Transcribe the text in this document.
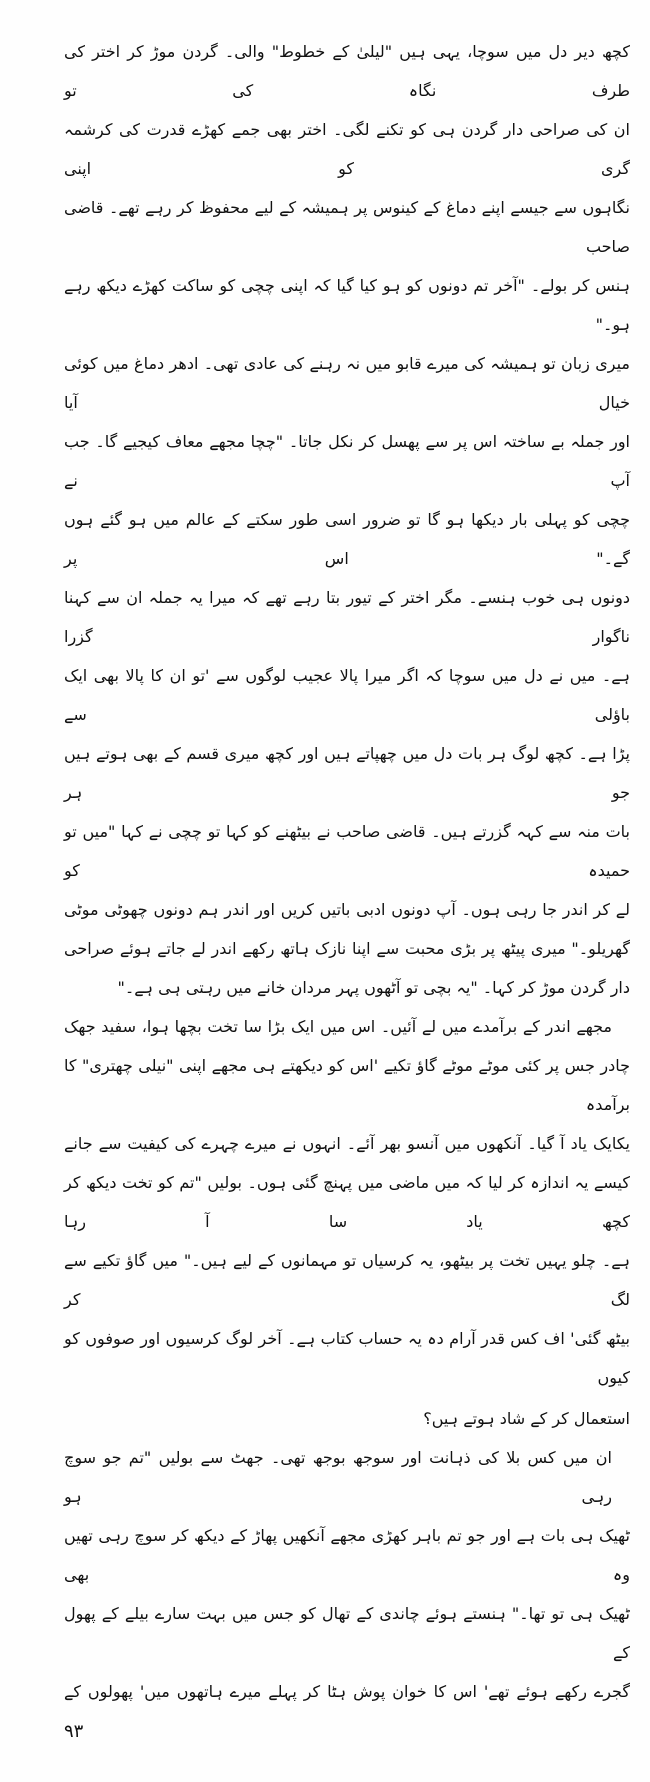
کچھ دیر دل میں سوچا، یہی ہیں "لیلیٰ کے خطوط" والی۔ گردن موڑ کر اختر کی طرف نگاہ کی تو
ان کی صراحی دار گردن ہی کو تکنے لگی۔ اختر بھی جمے کھڑے قدرت کی کرشمہ گری کو اپنی
نگاہوں سے جیسے اپنے دماغ کے کینوس پر ہمیشہ کے لیے محفوظ کر رہے تھے۔ قاضی صاحب
ہنس کر بولے۔ "آخر تم دونوں کو ہو کیا گیا کہ اپنی چچی کو ساکت کھڑے دیکھ رہے ہو۔"
میری زبان تو ہمیشہ کی میرے قابو میں نہ رہنے کی عادی تھی۔ ادھر دماغ میں کوئی خیال آیا
اور جملہ بے ساختہ اس پر سے پھسل کر نکل جاتا۔ "چچا مجھے معاف کیجیے گا۔ جب آپ نے
چچی کو پہلی بار دیکھا ہو گا تو ضرور اسی طور سکتے کے عالم میں ہو گئے ہوں گے۔" اس پر
دونوں ہی خوب ہنسے۔ مگر اختر کے تیور بتا رہے تھے کہ میرا یہ جملہ ان سے کہنا ناگوار گزرا
ہے۔ میں نے دل میں سوچا کہ اگر میرا پالا عجیب لوگوں سے 'تو ان کا پالا بھی ایک باؤلی سے
پڑا ہے۔ کچھ لوگ ہر بات دل میں چھپاتے ہیں اور کچھ میری قسم کے بھی ہوتے ہیں جو ہر
بات منہ سے کہہ گزرتے ہیں۔ قاضی صاحب نے بیٹھنے کو کہا تو چچی نے کہا "میں تو حمیدہ کو
لے کر اندر جا رہی ہوں۔ آپ دونوں ادبی باتیں کریں اور اندر ہم دونوں چھوٹی موٹی
گھریلو۔" میری پیٹھ پر بڑی محبت سے اپنا نازک ہاتھ رکھے اندر لے جاتے ہوئے صراحی
دار گردن موڑ کر کہا۔ "یہ بچی تو آٹھوں پہر مردان خانے میں رہتی ہی ہے۔"
مجھے اندر کے برآمدے میں لے آئیں۔ اس میں ایک بڑا سا تخت بچھا ہوا، سفید جھک
چادر جس پر کئی موٹے موٹے گاؤ تکیے 'اس کو دیکھتے ہی مجھے اپنی "نیلی چھتری" کا برآمدہ
یکایک یاد آ گیا۔ آنکھوں میں آنسو بھر آئے۔ انہوں نے میرے چہرے کی کیفیت سے جانے
کیسے یہ اندازہ کر لیا کہ میں ماضی میں پہنچ گئی ہوں۔ بولیں "تم کو تخت دیکھ کر کچھ یاد سا آ رہا
ہے۔ چلو یہیں تخت پر بیٹھو، یہ کرسیاں تو مہمانوں کے لیے ہیں۔" میں گاؤ تکیے سے لگ کر
بیٹھ گئی' اف کس قدر آرام دہ یہ حساب کتاب ہے۔ آخر لوگ کرسیوں اور صوفوں کو کیوں
استعمال کر کے شاد ہوتے ہیں؟
ان میں کس بلا کی ذہانت اور سوجھ بوجھ تھی۔ جھٹ سے بولیں "تم جو سوچ رہی ہو
ٹھیک ہی بات ہے اور جو تم باہر کھڑی مجھے آنکھیں پھاڑ کے دیکھ کر سوچ رہی تھیں وہ بھی
ٹھیک ہی تو تھا۔" ہنستے ہوئے چاندی کے تھال کو جس میں بہت سارے بیلے کے پھول کے
گجرے رکھے ہوئے تھے' اس کا خوان پوش ہٹا کر پہلے میرے ہاتھوں میں' پھولوں کے
٩٣
